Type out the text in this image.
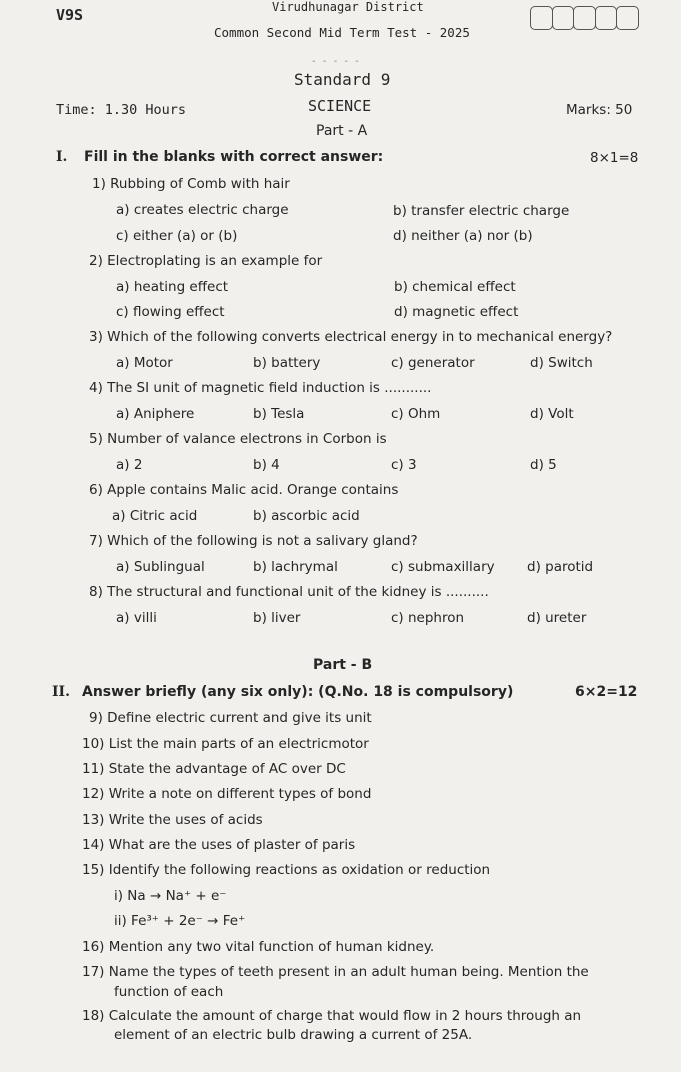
V9S	Virudhunagar District
Common Second Mid Term Test - 2025
- - - - -
Standard 9
Time: 1.30 Hours	SCIENCE	Marks: 50
Part - A
I. Fill in the blanks with correct answer:	8×1=8
1) Rubbing of Comb with hair
a) creates electric charge	b) transfer electric charge
c) either (a) or (b)	d) neither (a) nor (b)
2) Electroplating is an example for
a) heating effect	b) chemical effect
c) flowing effect	d) magnetic effect
3) Which of the following converts electrical energy in to mechanical energy?
a) Motor	b) battery	c) generator	d) Switch
4) The SI unit of magnetic field induction is ...........
a) Aniphere	b) Tesla	c) Ohm	d) Volt
5) Number of valance electrons in Corbon is
a) 2	b) 4	c) 3	d) 5
6) Apple contains Malic acid. Orange contains
a) Citric acid	b) ascorbic acid
7) Which of the following is not a salivary gland?
a) Sublingual	b) lachrymal	c) submaxillary d) parotid
8) The structural and functional unit of the kidney is ..........
a) villi	b) liver	c) nephron	d) ureter
Part - B
II. Answer briefly (any six only): (Q.No. 18 is compulsory)	6×2=12
9) Define electric current and give its unit
10) List the main parts of an electricmotor
11) State the advantage of AC over DC
12) Write a note on different types of bond
13) Write the uses of acids
14) What are the uses of plaster of paris
15) Identify the following reactions as oxidation or reduction
i) Na → Na⁺ + e⁻
ii) Fe³⁺ + 2e⁻ → Fe⁺
16) Mention any two vital function of human kidney.
17) Name the types of teeth present in an adult human being. Mention the
function of each
18) Calculate the amount of charge that would flow in 2 hours through an
element of an electric bulb drawing a current of 25A.
